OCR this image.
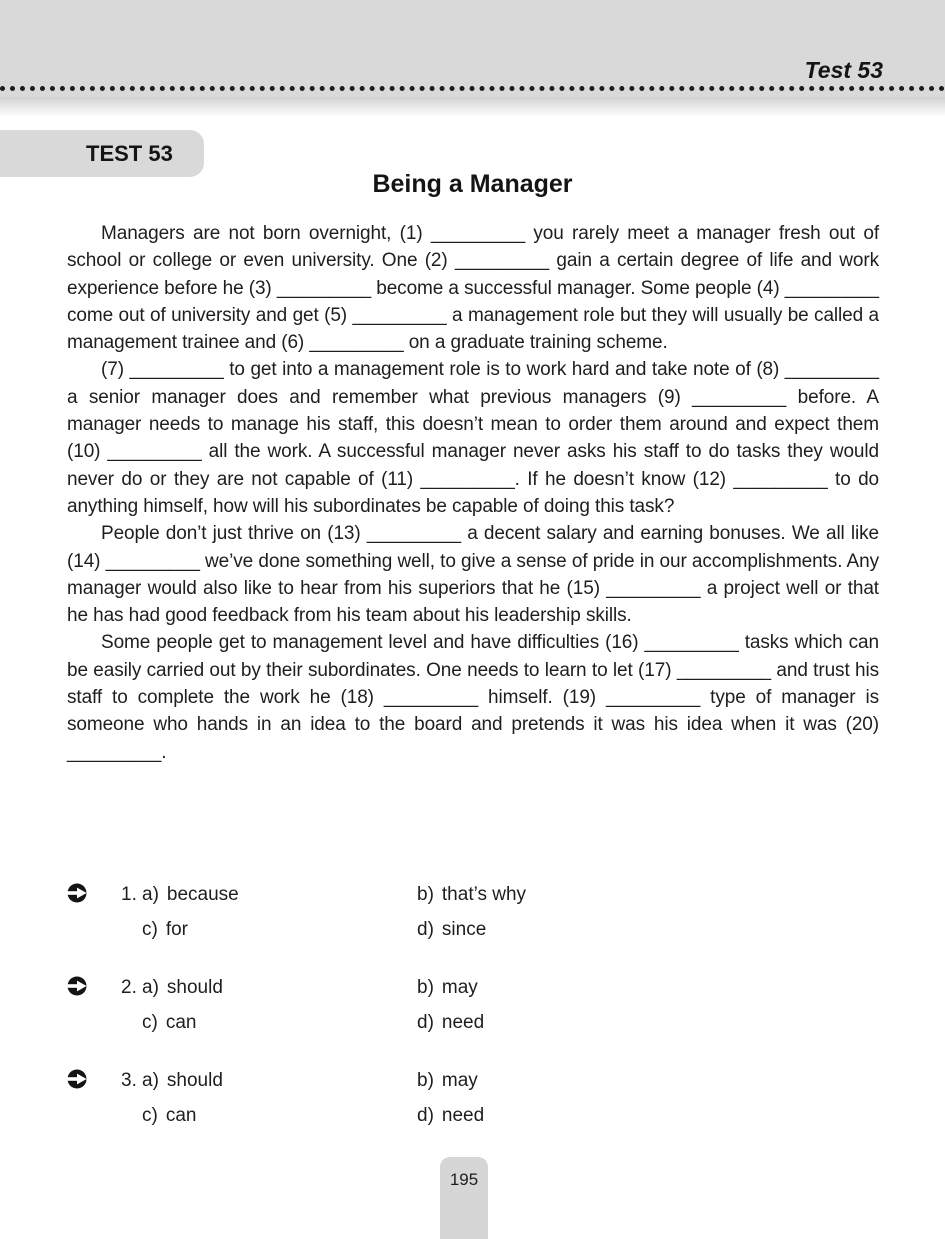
Test 53
TEST 53
Being a Manager

Managers are not born overnight, (1) _________ you rarely meet a manager fresh out of school or college or even university. One (2) _________ gain a certain degree of life and work experience before he (3) _________ become a successful manager. Some people (4) _________ come out of university and get (5) _________ a management role but they will usually be called a management trainee and (6) _________ on a graduate training scheme.

(7) _________ to get into a management role is to work hard and take note of (8) _________ a senior manager does and remember what previous managers (9) _________ before. A manager needs to manage his staff, this doesn’t mean to order them around and expect them (10) _________ all the work. A successful manager never asks his staff to do tasks they would never do or they are not capable of (11) _________. If he doesn’t know (12) _________ to do anything himself, how will his subordinates be capable of doing this task?

People don’t just thrive on (13) _________ a decent salary and earning bonuses. We all like (14) _________ we’ve done something well, to give a sense of pride in our accomplishments. Any manager would also like to hear from his superiors that he (15) _________ a project well or that he has had good feedback from his team about his leadership skills.

Some people get to management level and have difficulties (16) _________ tasks which can be easily carried out by their subordinates. One needs to learn to let (17) _________ and trust his staff to complete the work he (18) _________ himself. (19) _________ type of manager is someone who hands in an idea to the board and pretends it was his idea when it was (20) _________.

1. a) because	b) that’s why
c) for	d) since
2. a) should	b) may
c) can	d) need
3. a) should	b) may
c) can	d) need
195
